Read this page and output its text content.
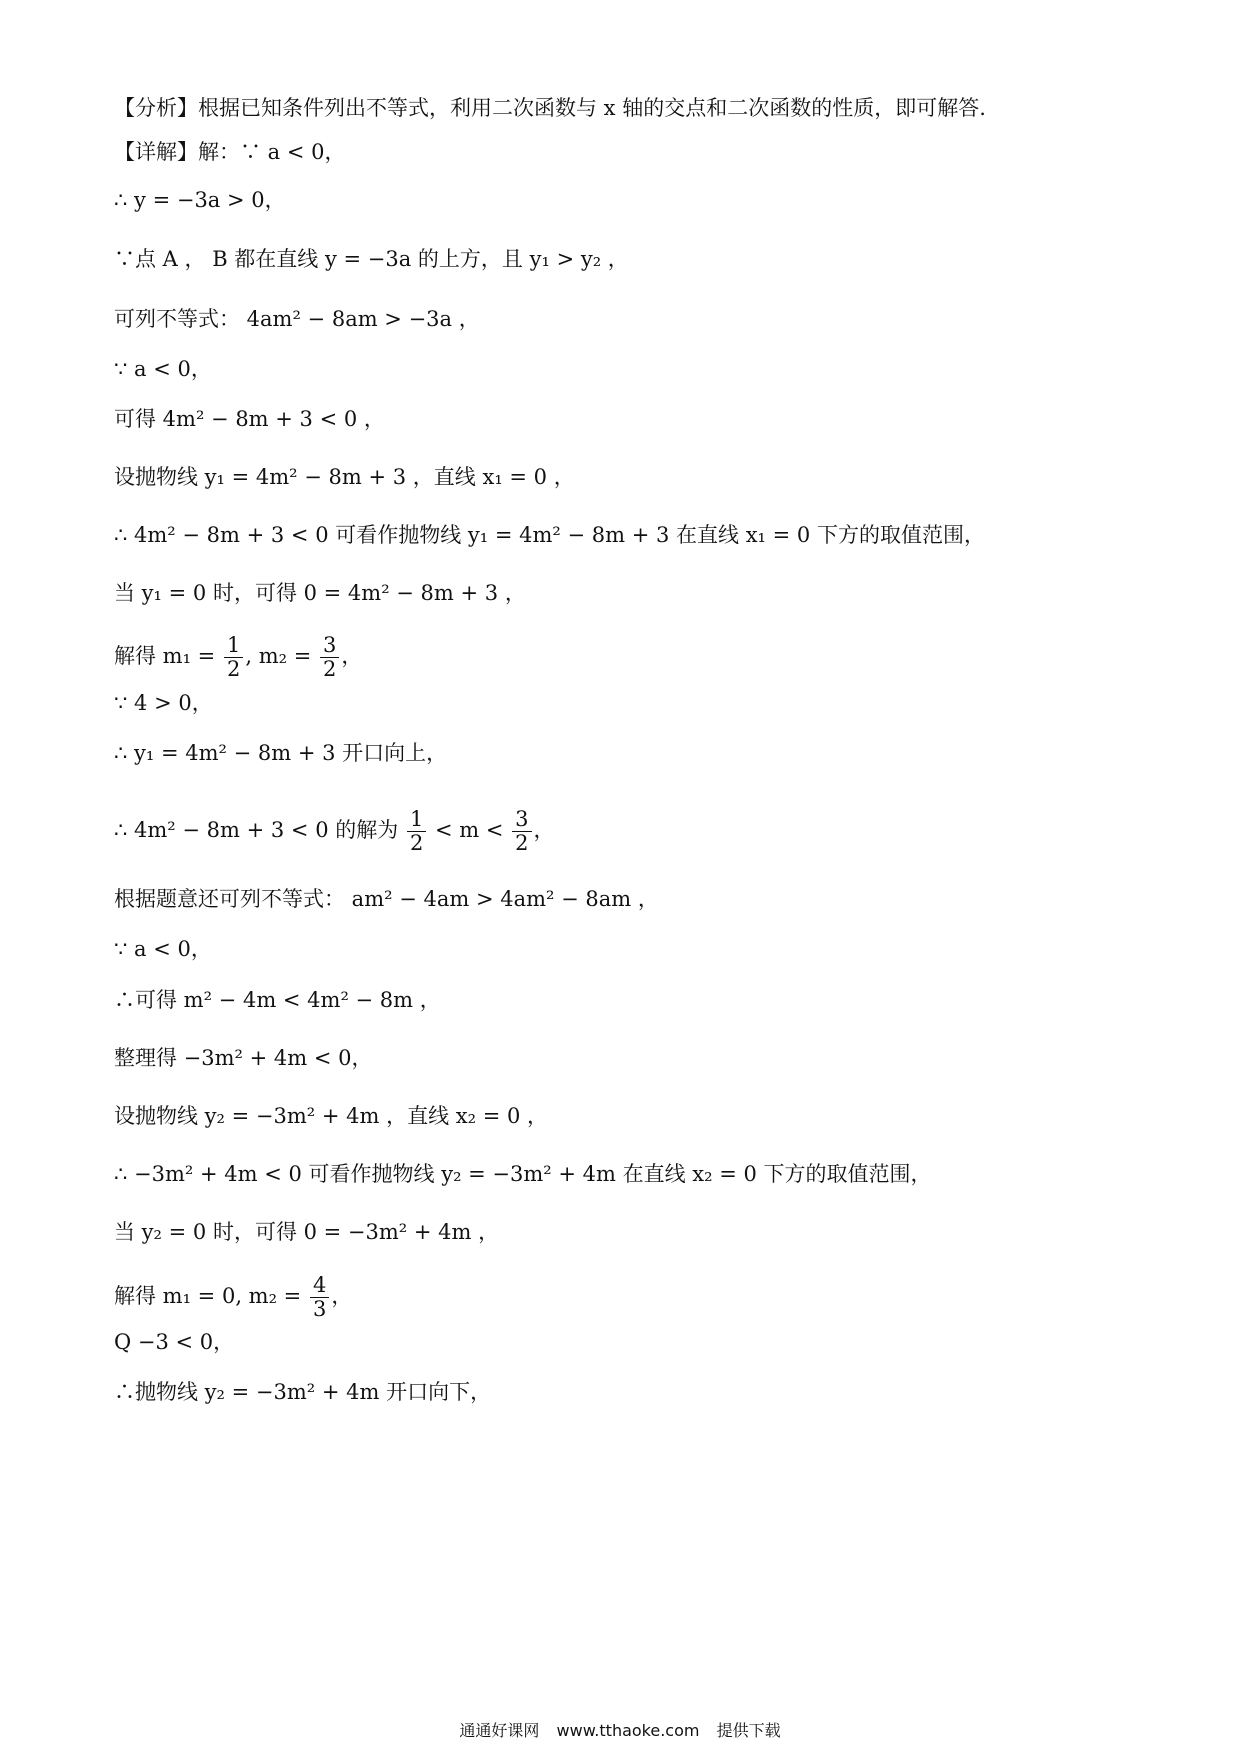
【分析】根据已知条件列出不等式，利用二次函数与 x 轴的交点和二次函数的性质，即可解答.
【详解】解：∵ a < 0，
∴ y = −3a > 0，
∵点 A ， B 都在直线 y = −3a 的上方，且 y₁ > y₂ ，
可列不等式： 4am² − 8am > −3a ，
∵ a < 0，
可得 4m² − 8m + 3 < 0 ，
设抛物线 y₁ = 4m² − 8m + 3 ，直线 x₁ = 0 ，
∴ 4m² − 8m + 3 < 0 可看作抛物线 y₁ = 4m² − 8m + 3 在直线 x₁ = 0 下方的取值范围，
当 y₁ = 0 时，可得 0 = 4m² − 8m + 3 ，
解得 $m_1 = \frac{1}{2}$ , $m_2 = \frac{3}{2}$ ，
∵ 4 > 0，
∴ y₁ = 4m² − 8m + 3 开口向上，
∴ 4m² − 8m + 3 < 0 的解为 $\frac{1}{2} < m < \frac{3}{2}$ ，
根据题意还可列不等式： am² − 4am > 4am² − 8am ，
∵ a < 0，
∴可得 m² − 4m < 4m² − 8m ，
整理得 −3m² + 4m < 0，
设抛物线 y₂ = −3m² + 4m ，直线 x₂ = 0 ，
∴ −3m² + 4m < 0 可看作抛物线 y₂ = −3m² + 4m 在直线 x₂ = 0 下方的取值范围，
当 y₂ = 0 时，可得 0 = −3m² + 4m ，
解得 m₁ = 0, $m_2 = \frac{4}{3}$ ，
Q −3 < 0，
∴抛物线 y₂ = −3m² + 4m 开口向下，
通通好课网 www.tthaoke.com 提供下载
